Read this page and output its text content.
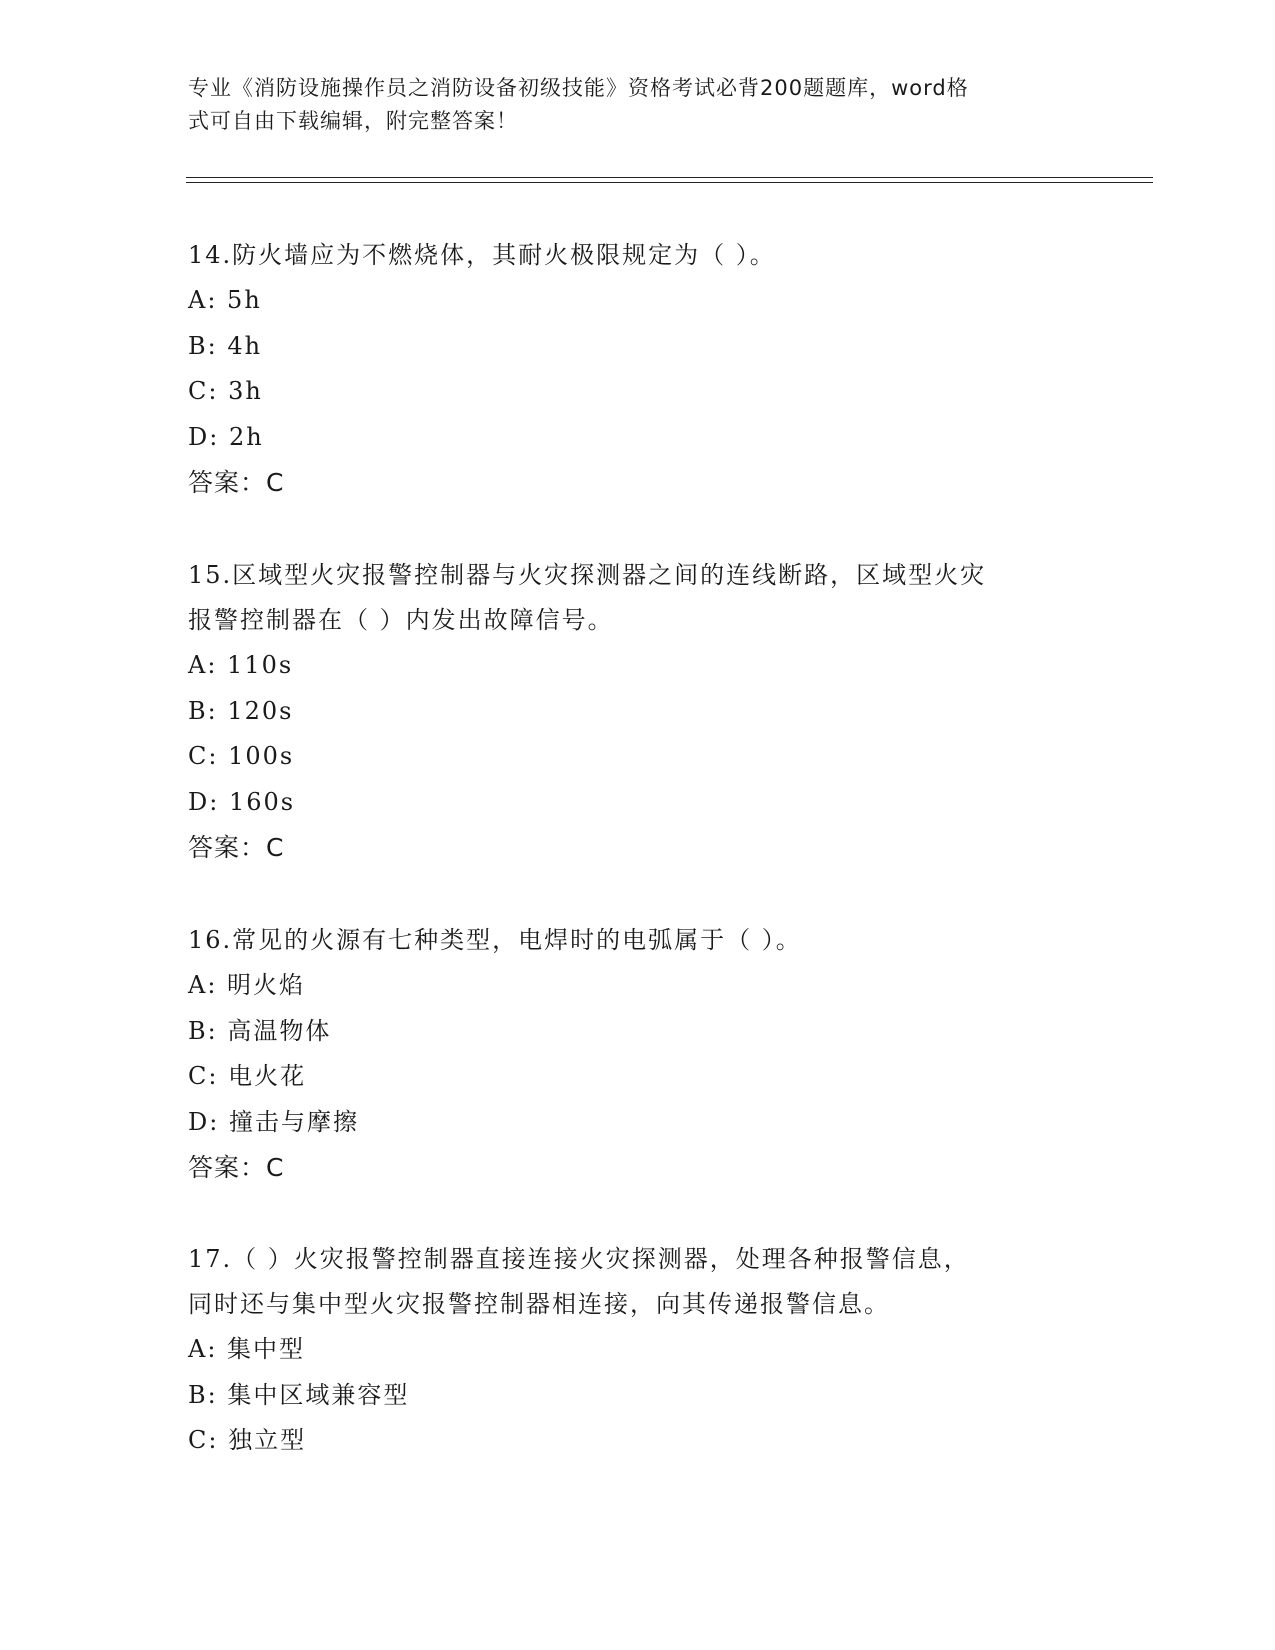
专业《消防设施操作员之消防设备初级技能》资格考试必背200题题库，word格
式可自由下载编辑，附完整答案！
14.防火墙应为不燃烧体，其耐火极限规定为（ ）。
A: 5h
B: 4h
C: 3h
D: 2h
答案：C
15.区域型火灾报警控制器与火灾探测器之间的连线断路，区域型火灾
报警控制器在（ ）内发出故障信号。
A: 110s
B: 120s
C: 100s
D: 160s
答案：C
16.常见的火源有七种类型，电焊时的电弧属于（ ）。
A: 明火焰
B: 高温物体
C: 电火花
D: 撞击与摩擦
答案：C
17.（ ）火灾报警控制器直接连接火灾探测器，处理各种报警信息，
同时还与集中型火灾报警控制器相连接，向其传递报警信息。
A: 集中型
B: 集中区域兼容型
C: 独立型
